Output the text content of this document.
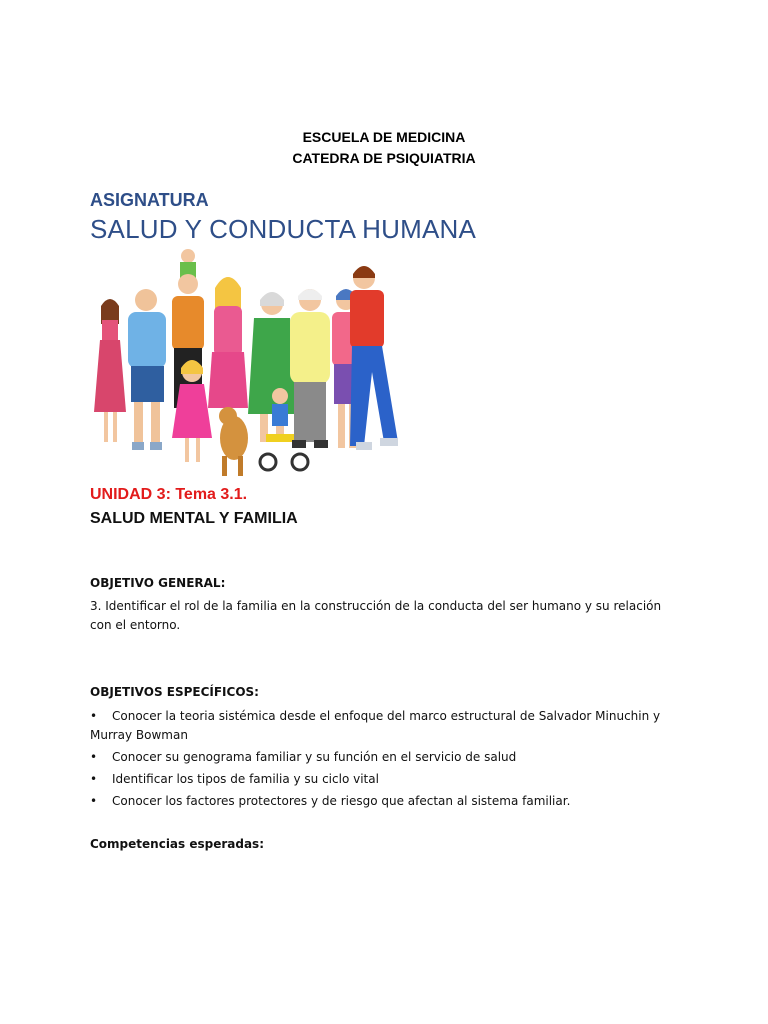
ESCUELA DE MEDICINA
CATEDRA DE PSIQUIATRIA
ASIGNATURA
SALUD Y CONDUCTA HUMANA
UNIDAD 3: Tema 3.1.
SALUD MENTAL Y FAMILIA
OBJETIVO GENERAL:
3. Identificar el rol de la familia en la construcción de la conducta del ser humano y su relación con el entorno.
OBJETIVOS ESPECÍFICOS:
• Conocer la teoria sistémica desde el enfoque del marco estructural de Salvador Minuchin y Murray Bowman
• Conocer su genograma familiar y su función en el servicio de salud
• Identificar los tipos de familia y su ciclo vital
• Conocer los factores protectores y de riesgo que afectan al sistema familiar.
Competencias esperadas:
